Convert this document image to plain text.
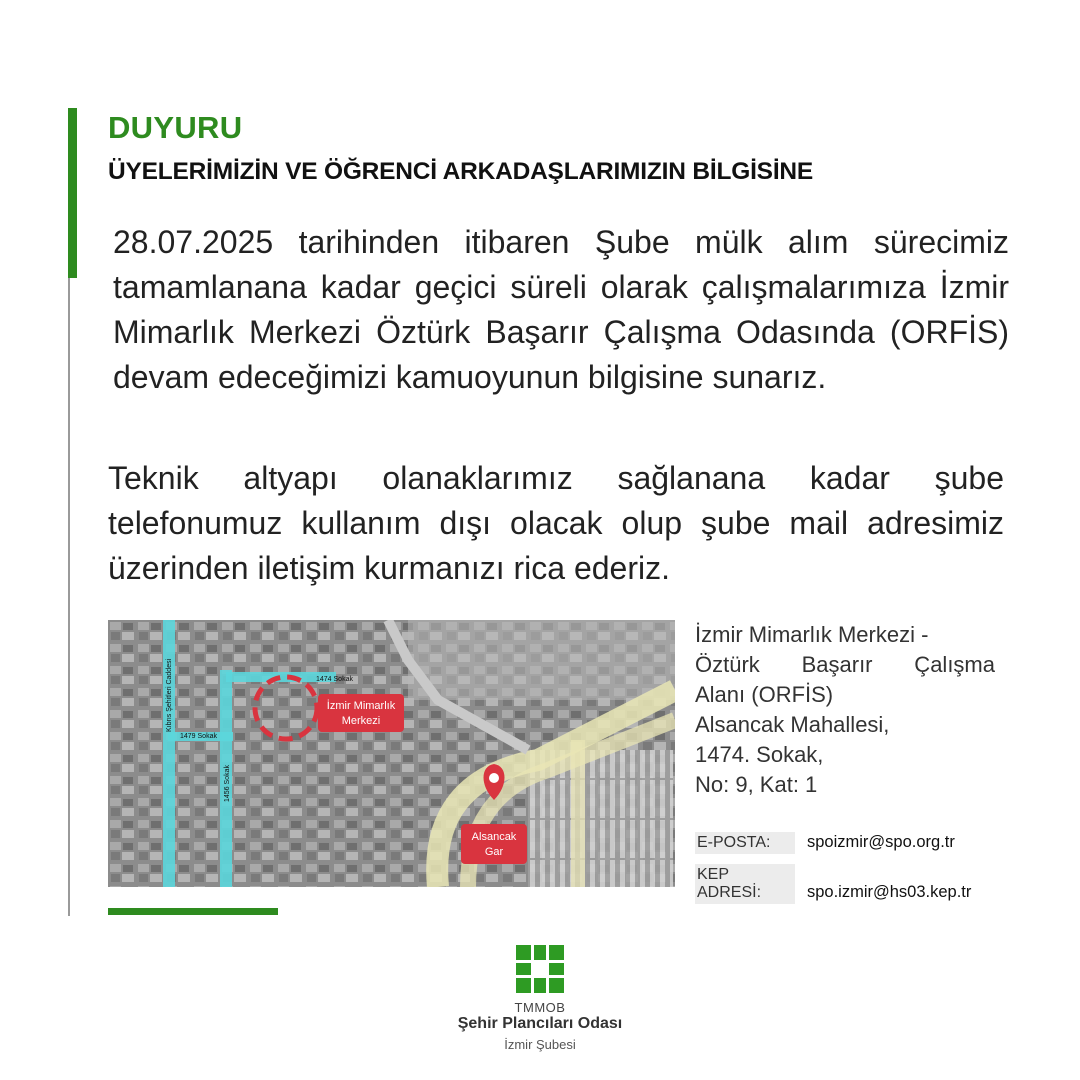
DUYURU
ÜYELERİMİZİN VE ÖĞRENCİ ARKADAŞLARIMIZIN BİLGİSİNE
28.07.2025 tarihinden itibaren Şube mülk alım sürecimiz tamamlanana kadar geçici süreli olarak çalışmalarımıza İzmir Mimarlık Merkezi Öztürk Başarır Çalışma Odasında (ORFİS) devam edeceğimizi kamuoyunun bilgisine sunarız.
Teknik altyapı olanaklarımız sağlanana kadar şube telefonumuz kullanım dışı olacak olup şube mail adresimiz üzerinden iletişim kurmanızı rica ederiz.
Kıbrıs Şehitleri Caddesi	1474 Sokak
1479 Sokak
1456 Sokak
İzmir Mimarlık
Merkezi
Alsancak
Gar
İzmir Mimarlık Merkezi -
Öztürk Başarır Çalışma
Alanı (ORFİS)
Alsancak Mahallesi,
1474. Sokak,
No: 9, Kat: 1
E-POSTA: spoizmir@spo.org.tr
KEP ADRESİ:	spo.izmir@hs03.kep.tr
TMMOB
Şehir Plancıları Odası
İzmir Şubesi
